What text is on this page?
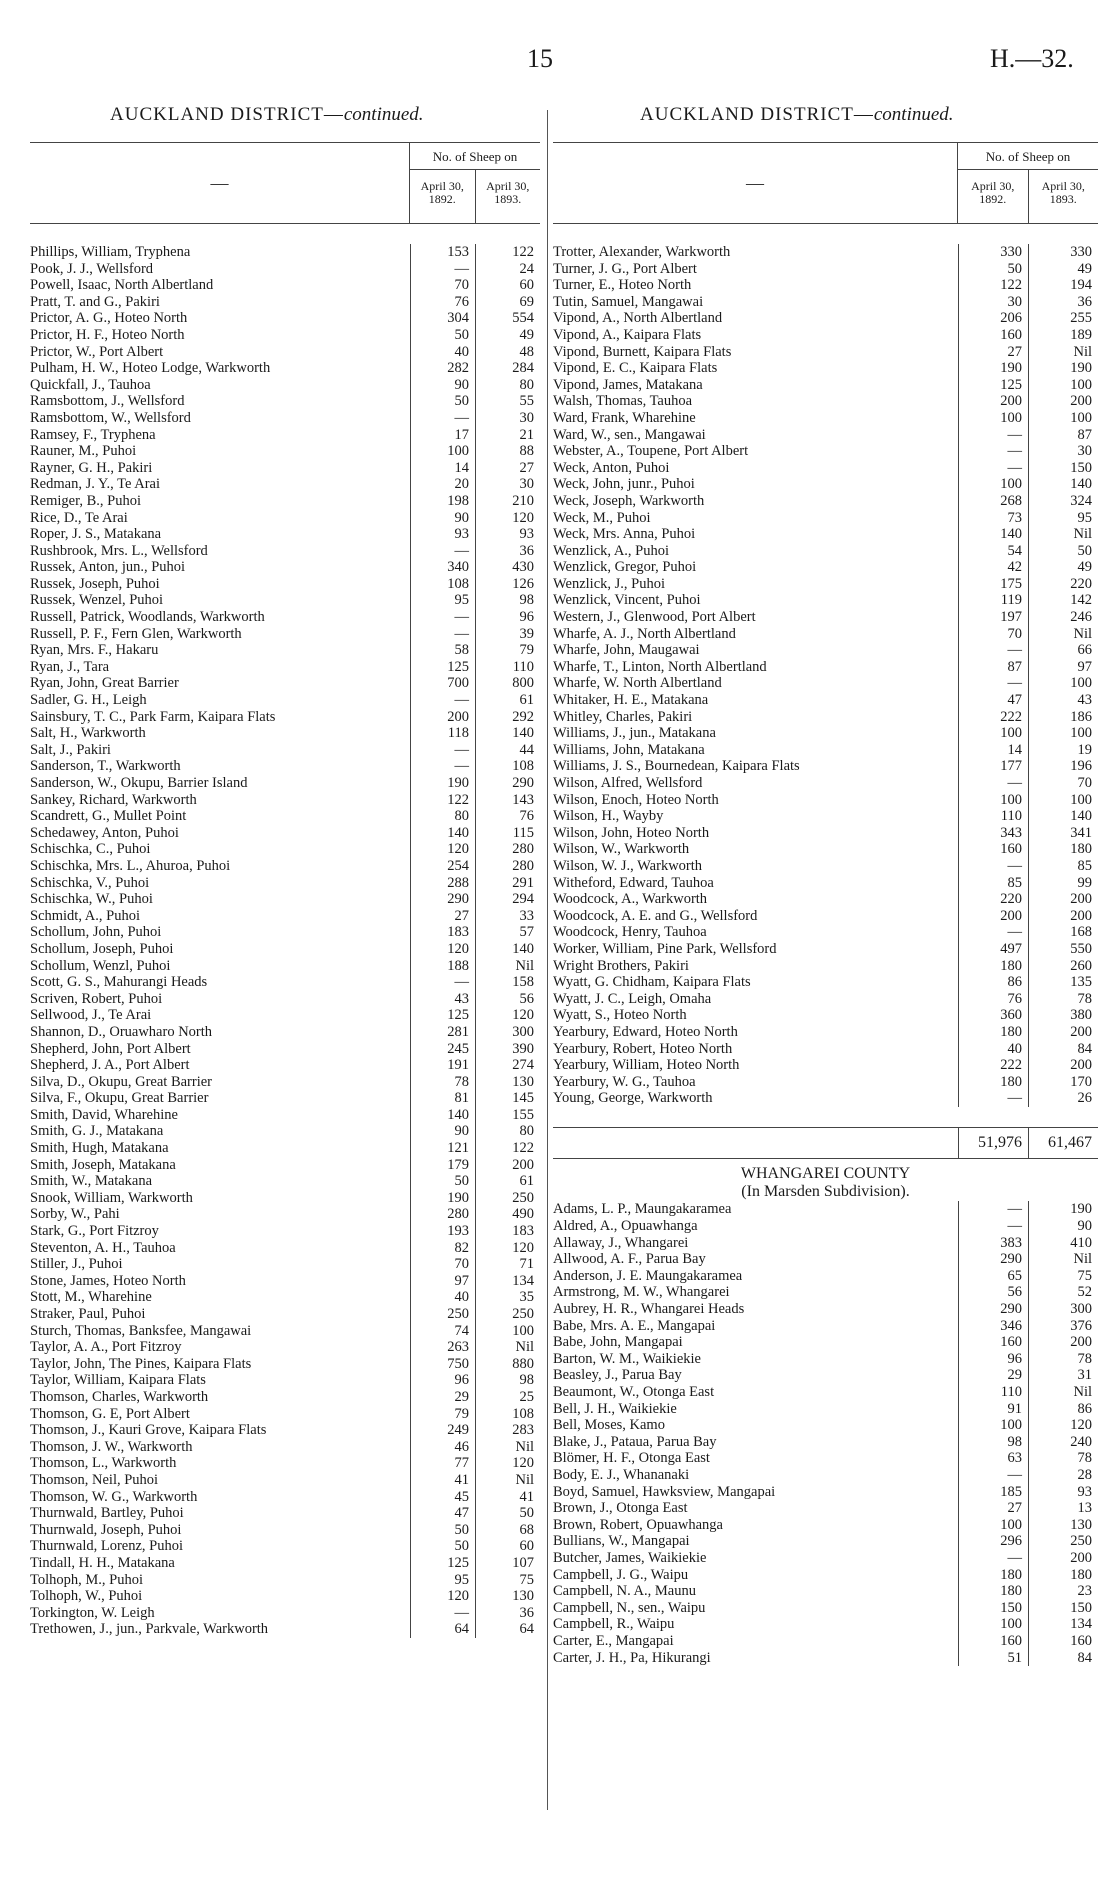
15	H.—32.
AUCKLAND DISTRICT—continued.	AUCKLAND DISTRICT—continued.
—
No. of Sheep on
April 30, 1892.
April 30, 1893.
Phillips, William, Tryphena	153	122
Pook, J. J., Wellsford	—	24
Powell, Isaac, North Albertland	70	60
Pratt, T. and G., Pakiri	76	69
Prictor, A. G., Hoteo North	304	554
Prictor, H. F., Hoteo North	50	49
Prictor, W., Port Albert	40	48
Pulham, H. W., Hoteo Lodge, Warkworth	282	284
Quickfall, J., Tauhoa	90	80
Ramsbottom, J., Wellsford	50	55
Ramsbottom, W., Wellsford	—	30
Ramsey, F., Tryphena	17	21
Rauner, M., Puhoi	100	88
Rayner, G. H., Pakiri	14	27
Redman, J. Y., Te Arai	20	30
Remiger, B., Puhoi	198	210
Rice, D., Te Arai	90	120
Roper, J. S., Matakana	93	93
Rushbrook, Mrs. L., Wellsford	—	36
Russek, Anton, jun., Puhoi	340	430
Russek, Joseph, Puhoi	108	126
Russek, Wenzel, Puhoi	95	98
Russell, Patrick, Woodlands, Warkworth	—	96
Russell, P. F., Fern Glen, Warkworth	—	39
Ryan, Mrs. F., Hakaru	58	79
Ryan, J., Tara	125	110
Ryan, John, Great Barrier	700	800
Sadler, G. H., Leigh	—	61
Sainsbury, T. C., Park Farm, Kaipara Flats	200	292
Salt, H., Warkworth	118	140
Salt, J., Pakiri	—	44
Sanderson, T., Warkworth	—	108
Sanderson, W., Okupu, Barrier Island	190	290
Sankey, Richard, Warkworth	122	143
Scandrett, G., Mullet Point	80	76
Schedawey, Anton, Puhoi	140	115
Schischka, C., Puhoi	120	280
Schischka, Mrs. L., Ahuroa, Puhoi	254	280
Schischka, V., Puhoi	288	291
Schischka, W., Puhoi	290	294
Schmidt, A., Puhoi	27	33
Schollum, John, Puhoi	183	57
Schollum, Joseph, Puhoi	120	140
Schollum, Wenzl, Puhoi	188	Nil
Scott, G. S., Mahurangi Heads	—	158
Scriven, Robert, Puhoi	43	56
Sellwood, J., Te Arai	125	120
Shannon, D., Oruawharo North	281	300
Shepherd, John, Port Albert	245	390
Shepherd, J. A., Port Albert	191	274
Silva, D., Okupu, Great Barrier	78	130
Silva, F., Okupu, Great Barrier	81	145
Smith, David, Wharehine	140	155
Smith, G. J., Matakana	90	80
Smith, Hugh, Matakana	121	122
Smith, Joseph, Matakana	179	200
Smith, W., Matakana	50	61
Snook, William, Warkworth	190	250
Sorby, W., Pahi	280	490
Stark, G., Port Fitzroy	193	183
Steventon, A. H., Tauhoa	82	120
Stiller, J., Puhoi	70	71
Stone, James, Hoteo North	97	134
Stott, M., Wharehine	40	35
Straker, Paul, Puhoi	250	250
Sturch, Thomas, Banksfee, Mangawai	74	100
Taylor, A. A., Port Fitzroy	263	Nil
Taylor, John, The Pines, Kaipara Flats	750	880
Taylor, William, Kaipara Flats	96	98
Thomson, Charles, Warkworth	29	25
Thomson, G. E, Port Albert	79	108
Thomson, J., Kauri Grove, Kaipara Flats	249	283
Thomson, J. W., Warkworth	46	Nil
Thomson, L., Warkworth	77	120
Thomson, Neil, Puhoi	41	Nil
Thomson, W. G., Warkworth	45	41
Thurnwald, Bartley, Puhoi	47	50
Thurnwald, Joseph, Puhoi	50	68
Thurnwald, Lorenz, Puhoi	50	60
Tindall, H. H., Matakana	125	107
Tolhoph, M., Puhoi	95	75
Tolhoph, W., Puhoi	120	130
Torkington, W. Leigh	—	36
Trethowen, J., jun., Parkvale, Warkworth	64	64
—
No. of Sheep on
April 30, 1892.
April 30, 1893.
Trotter, Alexander, Warkworth	330	330
Turner, J. G., Port Albert	50	49
Turner, E., Hoteo North	122	194
Tutin, Samuel, Mangawai	30	36
Vipond, A., North Albertland	206	255
Vipond, A., Kaipara Flats	160	189
Vipond, Burnett, Kaipara Flats	27	Nil
Vipond, E. C., Kaipara Flats	190	190
Vipond, James, Matakana	125	100
Walsh, Thomas, Tauhoa	200	200
Ward, Frank, Wharehine	100	100
Ward, W., sen., Mangawai	—	87
Webster, A., Toupene, Port Albert	—	30
Weck, Anton, Puhoi	—	150
Weck, John, junr., Puhoi	100	140
Weck, Joseph, Warkworth	268	324
Weck, M., Puhoi	73	95
Weck, Mrs. Anna, Puhoi	140	Nil
Wenzlick, A., Puhoi	54	50
Wenzlick, Gregor, Puhoi	42	49
Wenzlick, J., Puhoi	175	220
Wenzlick, Vincent, Puhoi	119	142
Western, J., Glenwood, Port Albert	197	246
Wharfe, A. J., North Albertland	70	Nil
Wharfe, John, Maugawai	—	66
Wharfe, T., Linton, North Albertland	87	97
Wharfe, W. North Albertland	—	100
Whitaker, H. E., Matakana	47	43
Whitley, Charles, Pakiri	222	186
Williams, J., jun., Matakana	100	100
Williams, John, Matakana	14	19
Williams, J. S., Bournedean, Kaipara Flats	177	196
Wilson, Alfred, Wellsford	—	70
Wilson, Enoch, Hoteo North	100	100
Wilson, H., Wayby	110	140
Wilson, John, Hoteo North	343	341
Wilson, W., Warkworth	160	180
Wilson, W. J., Warkworth	—	85
Witheford, Edward, Tauhoa	85	99
Woodcock, A., Warkworth	220	200
Woodcock, A. E. and G., Wellsford	200	200
Woodcock, Henry, Tauhoa	—	168
Worker, William, Pine Park, Wellsford	497	550
Wright Brothers, Pakiri	180	260
Wyatt, G. Chidham, Kaipara Flats	86	135
Wyatt, J. C., Leigh, Omaha	76	78
Wyatt, S., Hoteo North	360	380
Yearbury, Edward, Hoteo North	180	200
Yearbury, Robert, Hoteo North	40	84
Yearbury, William, Hoteo North	222	200
Yearbury, W. G., Tauhoa	180	170
Young, George, Warkworth	—	26
51,976	61,467
WHANGAREI COUNTY
(In Marsden Subdivision).
Adams, L. P., Maungakaramea	—	190
Aldred, A., Opuawhanga	—	90
Allaway, J., Whangarei	383	410
Allwood, A. F., Parua Bay	290	Nil
Anderson, J. E. Maungakaramea	65	75
Armstrong, M. W., Whangarei	56	52
Aubrey, H. R., Whangarei Heads	290	300
Babe, Mrs. A. E., Mangapai	346	376
Babe, John, Mangapai	160	200
Barton, W. M., Waikiekie	96	78
Beasley, J., Parua Bay	29	31
Beaumont, W., Otonga East	110	Nil
Bell, J. H., Waikiekie	91	86
Bell, Moses, Kamo	100	120
Blake, J., Pataua, Parua Bay	98	240
Blömer, H. F., Otonga East	63	78
Body, E. J., Whananaki	—	28
Boyd, Samuel, Hawksview, Mangapai	185	93
Brown, J., Otonga East	27	13
Brown, Robert, Opuawhanga	100	130
Bullians, W., Mangapai	296	250
Butcher, James, Waikiekie	—	200
Campbell, J. G., Waipu	180	180
Campbell, N. A., Maunu	180	23
Campbell, N., sen., Waipu	150	150
Campbell, R., Waipu	100	134
Carter, E., Mangapai	160	160
Carter, J. H., Pa, Hikurangi	51	84
